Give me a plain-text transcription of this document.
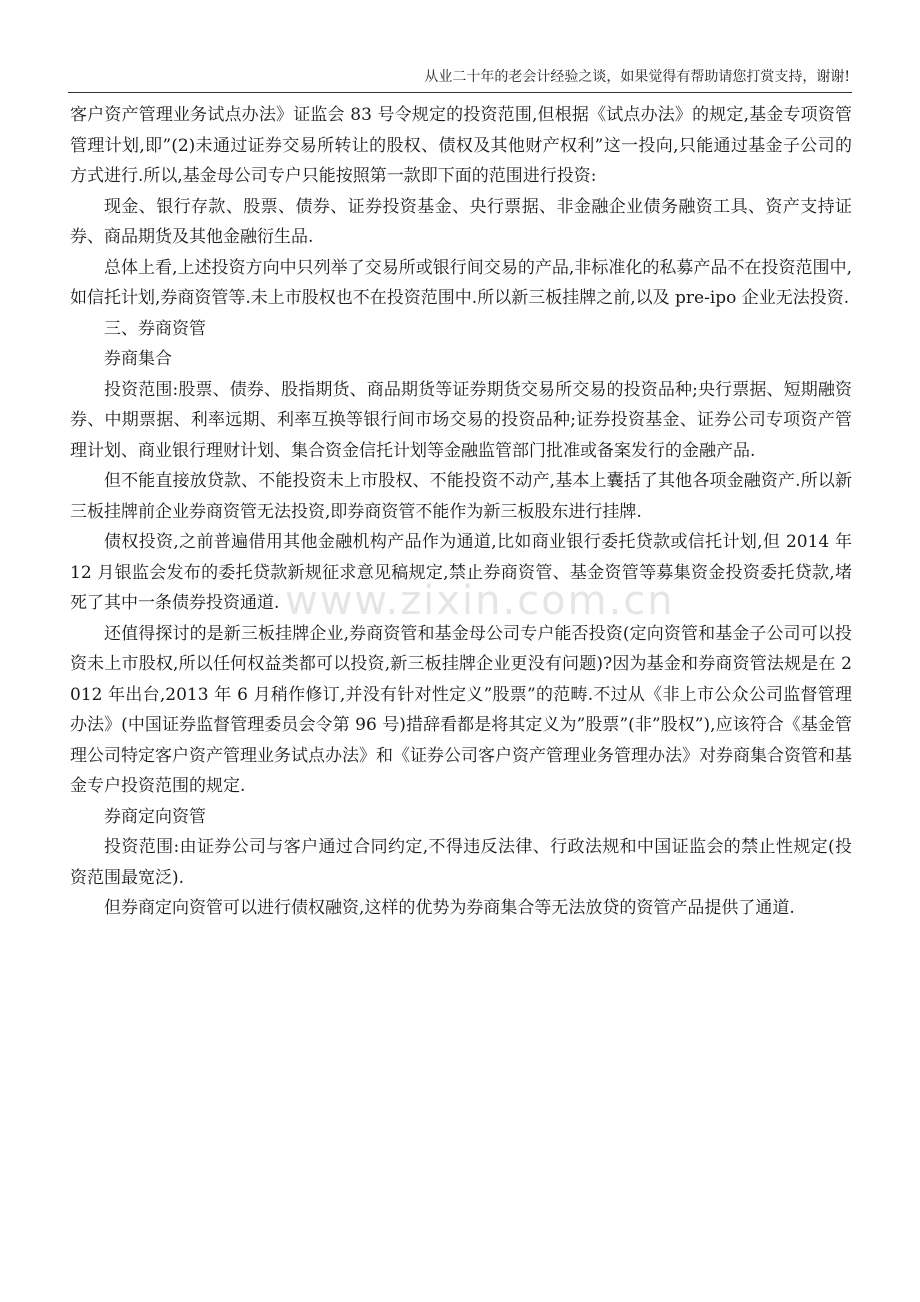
从业二十年的老会计经验之谈，如果觉得有帮助请您打赏支持，谢谢!
www.zixin.com.cn

客户资产管理业务试点办法》证监会 83 号令规定的投资范围,但根据《试点办法》的规定,基金专项资管管理计划,即”(2)未通过证券交易所转让的股权、债权及其他财产权利”这一投向,只能通过基金子公司的方式进行.所以,基金母公司专户只能按照第一款即下面的范围进行投资:

现金、银行存款、股票、债券、证券投资基金、央行票据、非金融企业债务融资工具、资产支持证券、商品期货及其他金融衍生品.

总体上看,上述投资方向中只列举了交易所或银行间交易的产品,非标准化的私募产品不在投资范围中,如信托计划,券商资管等.未上市股权也不在投资范围中.所以新三板挂牌之前,以及 pre-ipo 企业无法投资.

三、券商资管

券商集合

投资范围:股票、债券、股指期货、商品期货等证券期货交易所交易的投资品种;央行票据、短期融资券、中期票据、利率远期、利率互换等银行间市场交易的投资品种;证券投资基金、证券公司专项资产管理计划、商业银行理财计划、集合资金信托计划等金融监管部门批准或备案发行的金融产品.

但不能直接放贷款、不能投资未上市股权、不能投资不动产,基本上囊括了其他各项金融资产.所以新三板挂牌前企业券商资管无法投资,即券商资管不能作为新三板股东进行挂牌.

债权投资,之前普遍借用其他金融机构产品作为通道,比如商业银行委托贷款或信托计划,但 2014 年 12 月银监会发布的委托贷款新规征求意见稿规定,禁止券商资管、基金资管等募集资金投资委托贷款,堵死了其中一条债券投资通道.

还值得探讨的是新三板挂牌企业,券商资管和基金母公司专户能否投资(定向资管和基金子公司可以投资未上市股权,所以任何权益类都可以投资,新三板挂牌企业更没有问题)?因为基金和券商资管法规是在 2012 年出台,2013 年 6 月稍作修订,并没有针对性定义”股票”的范畴.不过从《非上市公众公司监督管理办法》(中国证券监督管理委员会令第 96 号)措辞看都是将其定义为”股票”(非”股权”),应该符合《基金管理公司特定客户资产管理业务试点办法》和《证券公司客户资产管理业务管理办法》对券商集合资管和基金专户投资范围的规定.

券商定向资管

投资范围:由证券公司与客户通过合同约定,不得违反法律、行政法规和中国证监会的禁止性规定(投资范围最宽泛).

但券商定向资管可以进行债权融资,这样的优势为券商集合等无法放贷的资管产品提供了通道.
